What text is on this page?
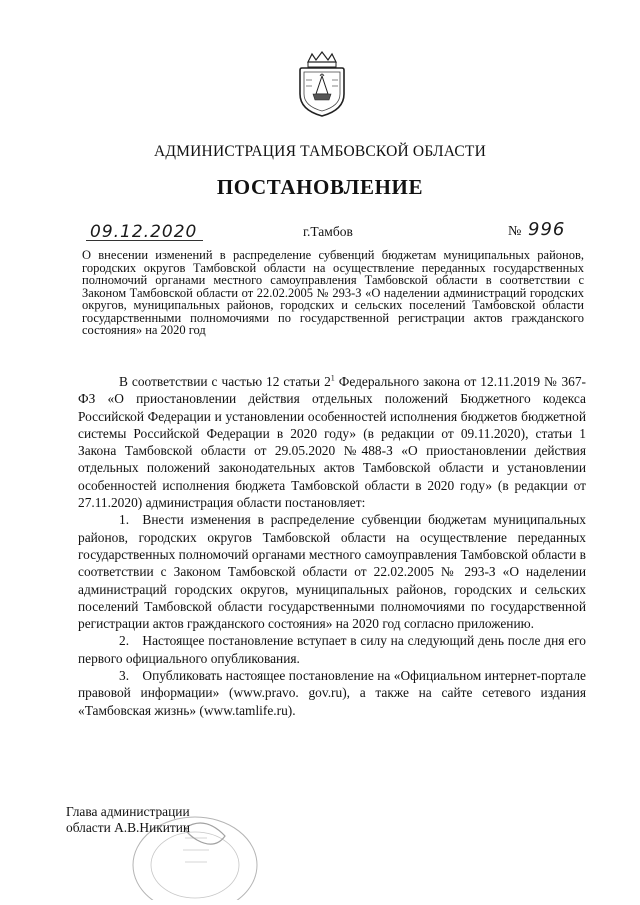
АДМИНИСТРАЦИЯ ТАМБОВСКОЙ ОБЛАСТИ
ПОСТАНОВЛЕНИЕ
09.12.2020	г.Тамбов	№ 996
О внесении изменений в распределение субвенций бюджетам муниципальных районов, городских округов Тамбовской области на осуществление переданных государственных полномочий органами местного самоуправления Тамбовской области в соответствии с Законом Тамбовской области от 22.02.2005 № 293-З «О наделении администраций городских округов, муниципальных районов, городских и сельских поселений Тамбовской области государственными полномочиями по государственной регистрации актов гражданского состояния» на 2020 год

В соответствии с частью 12 статьи $2^1$ Федерального закона от 12.11.2019 № 367-ФЗ «О приостановлении действия отдельных положений Бюджетного кодекса Российской Федерации и установлении особенностей исполнения бюджетов бюджетной системы Российской Федерации в 2020 году» (в редакции от 09.11.2020), статьи 1 Закона Тамбовской области от 29.05.2020 №488-З «О приостановлении действия отдельных положений законодательных актов Тамбовской области и установлении особенностей исполнения бюджета Тамбовской области в 2020 году» (в редакции от 27.11.2020) администрация области постановляет:

1. Внести изменения в распределение субвенции бюджетам муниципальных районов, городских округов Тамбовской области на осуществление переданных государственных полномочий органами местного самоуправления Тамбовской области в соответствии с Законом Тамбовской области от 22.02.2005 № 293-З «О наделении администраций городских округов, муниципальных районов, городских и сельских поселений Тамбовской области государственными полномочиями по государственной регистрации актов гражданского состояния» на 2020 год согласно приложению.

2. Настоящее постановление вступает в силу на следующий день после дня его первого официального опубликования.

3. Опубликовать настоящее постановление на «Официальном интернет-портале правовой информации» (www.pravo. gov.ru), а также на сайте сетевого издания «Тамбовская жизнь» (www.tamlife.ru).

Глава администрации
области А.В.Никитин
